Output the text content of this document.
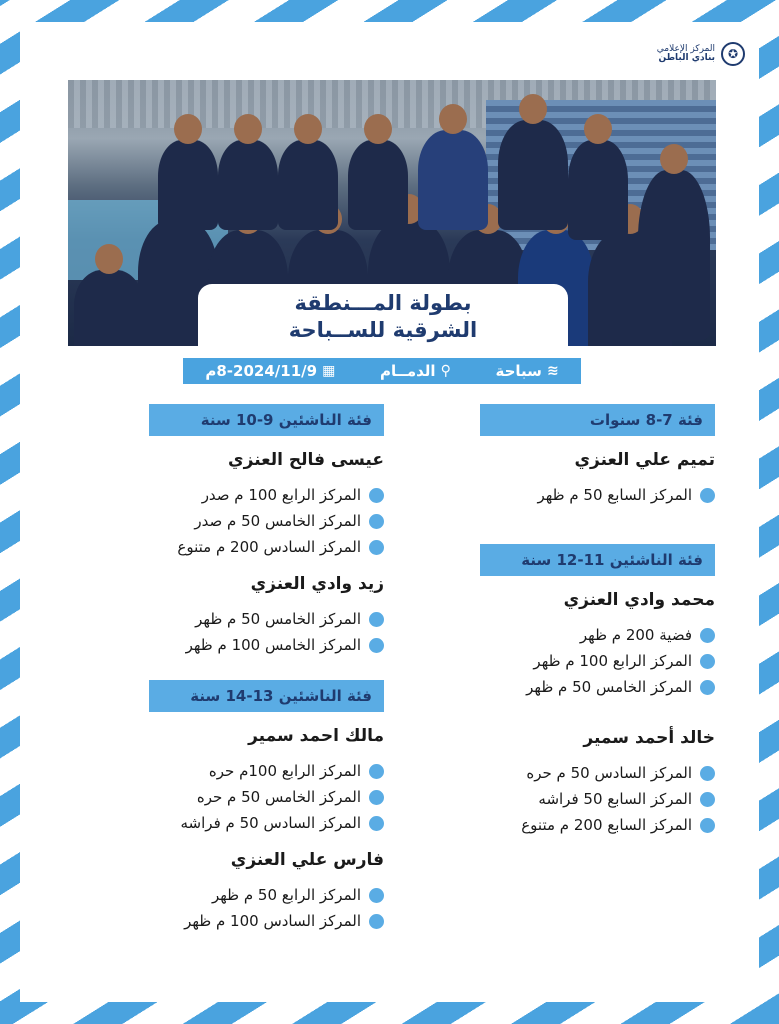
✪
المركز الإعلامي
بنادي الباطن
بطولة المـــنطقة
الشرقية للســباحة
≋
سباحة
⚲
الدمــام
▦
8-2024/11/9م
فئة 7-8 سنوات
تميم علي العنزي
المركز السابع 50 م ظهر
فئة الناشئين 11-12 سنة
محمد وادي العنزي
فضية 200 م ظهر
المركز الرابع 100 م ظهر
المركز الخامس 50 م ظهر
خالد أحمد سمير
المركز السادس 50 م حره
المركز السابع 50 فراشه
المركز السابع 200 م متنوع
فئة الناشئين 9-10 سنة
عيسى فالح العنزي
المركز الرابع 100 م صدر
المركز الخامس 50 م صدر
المركز السادس 200 م متنوع
زيد وادي العنزي
المركز الخامس 50 م ظهر
المركز الخامس 100 م ظهر
فئة الناشئين 13-14 سنة
مالك احمد سمير
المركز الرابع 100م حره
المركز الخامس 50 م حره
المركز السادس 50 م فراشه
فارس علي العنزي
المركز الرابع 50 م ظهر
المركز السادس 100 م ظهر
